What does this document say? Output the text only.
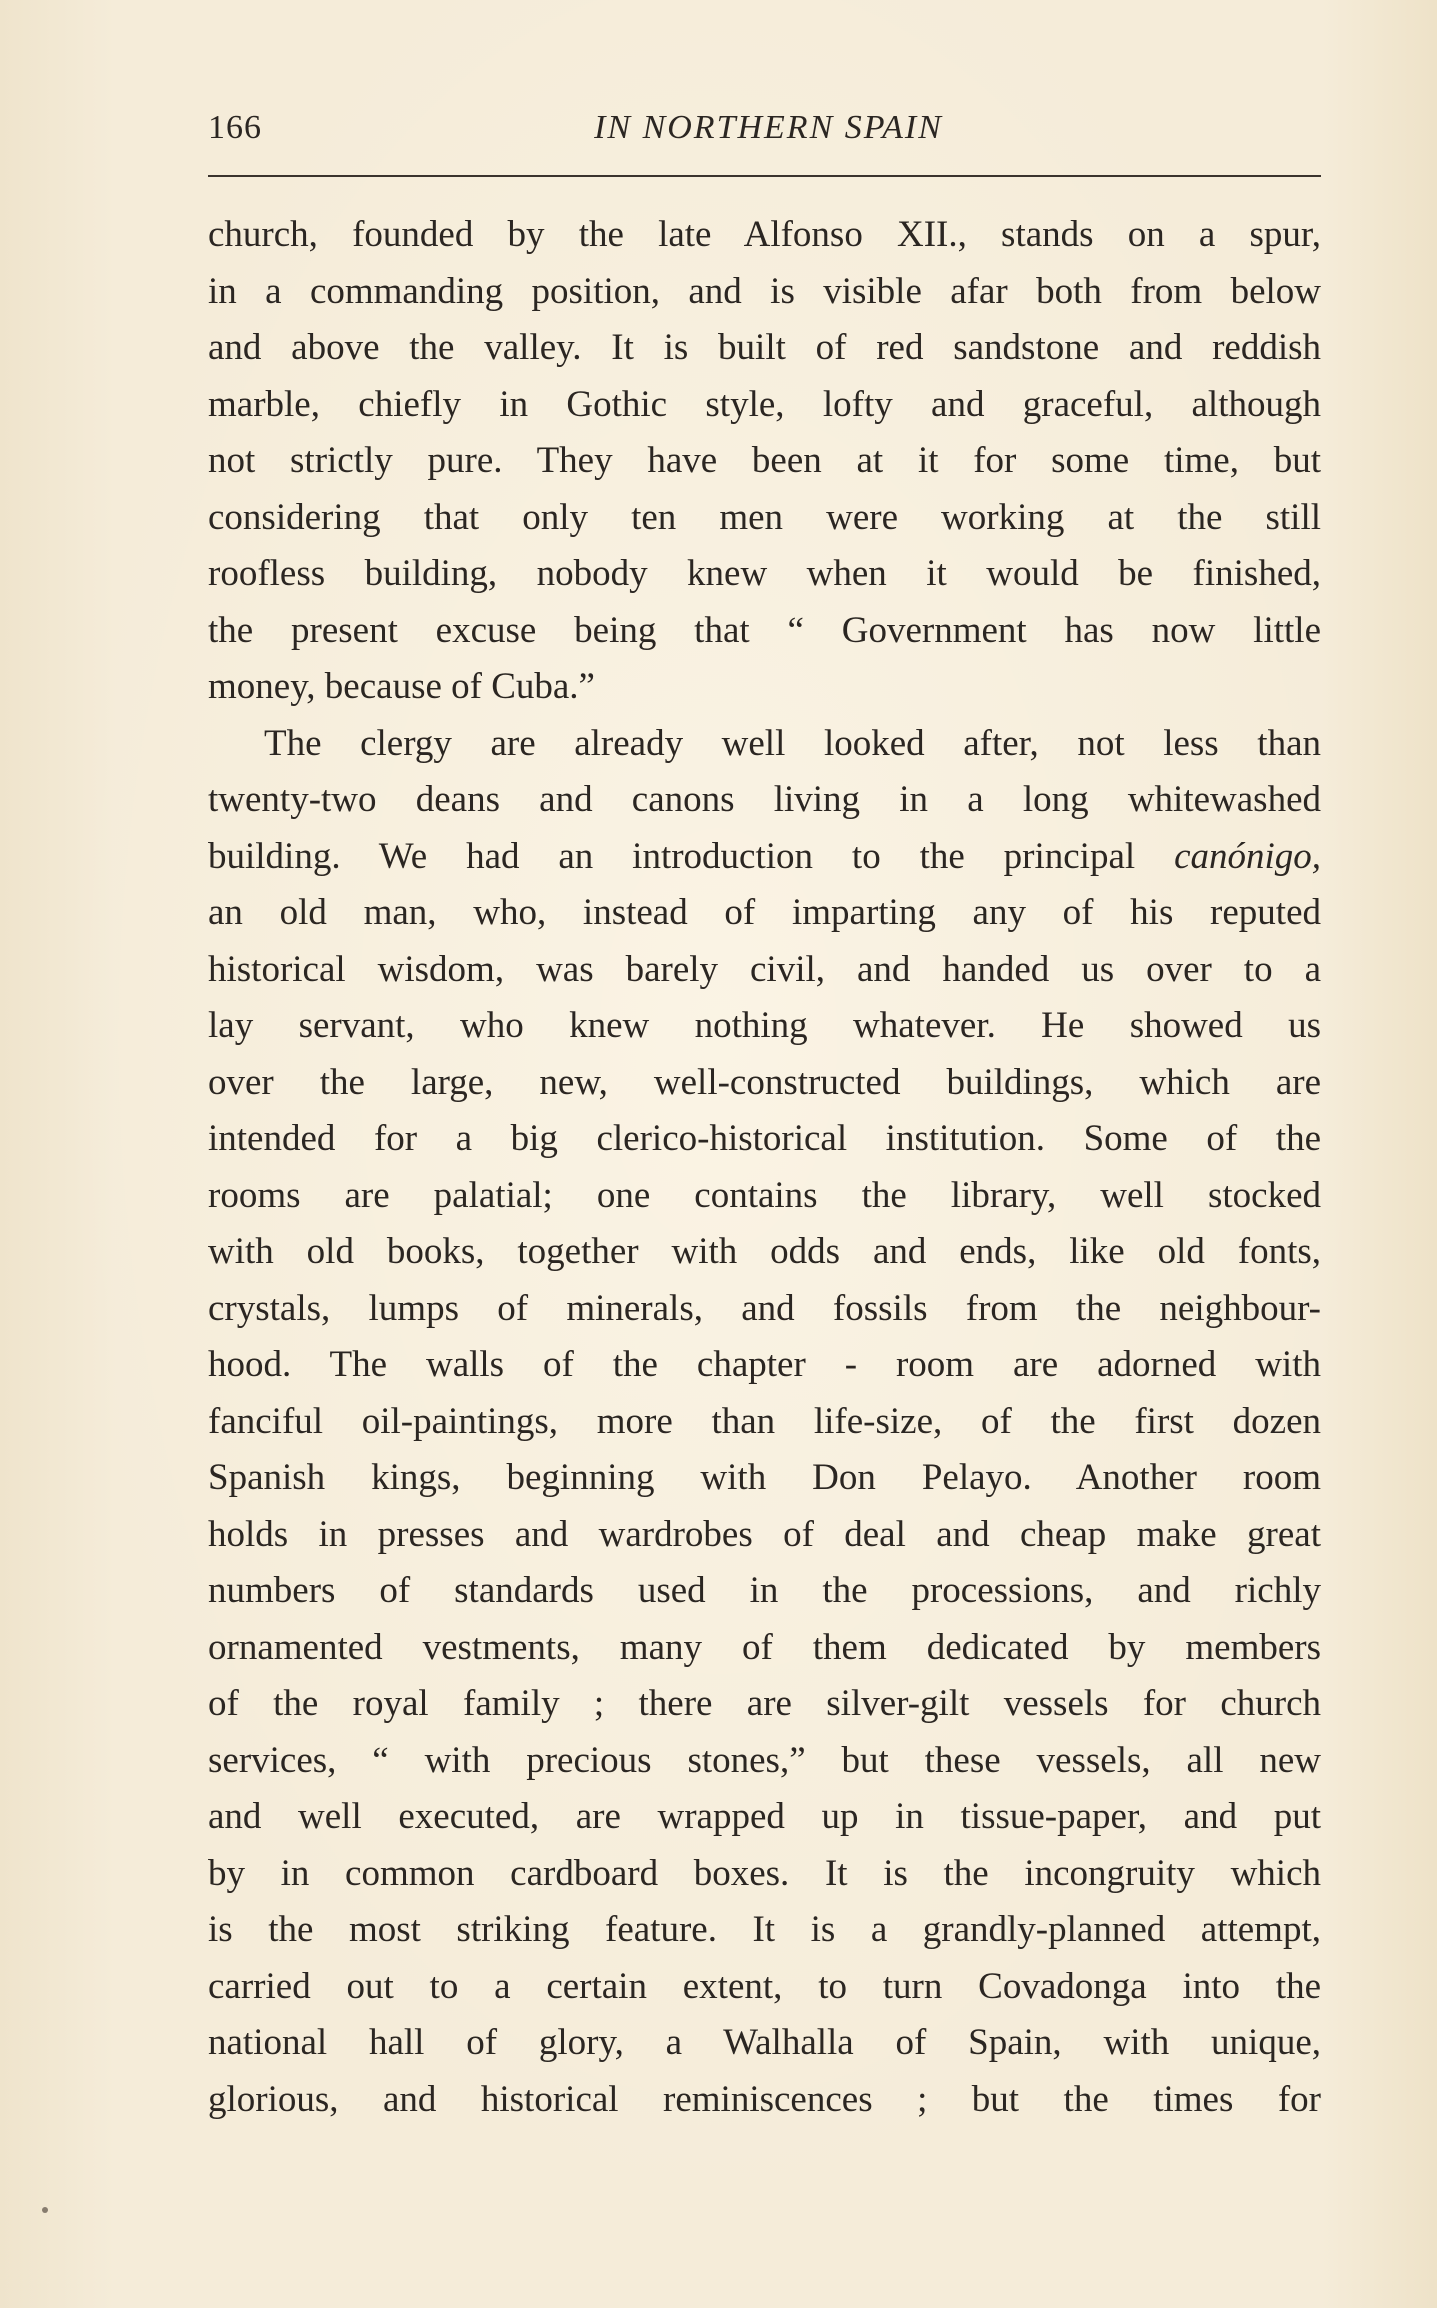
166	IN NORTHERN SPAIN
church, founded by the late Alfonso XII., stands on a spur,
in a commanding position, and is visible afar both from below
and above the valley. It is built of red sandstone and reddish
marble, chiefly in Gothic style, lofty and graceful, although
not strictly pure. They have been at it for some time, but
considering that only ten men were working at the still
roofless building, nobody knew when it would be finished,
the present excuse being that “ Government has now little
money, because of Cuba.”
The clergy are already well looked after, not less than
twenty-two deans and canons living in a long whitewashed
building. We had an introduction to the principal canónigo,
an old man, who, instead of imparting any of his reputed
historical wisdom, was barely civil, and handed us over to a
lay servant, who knew nothing whatever. He showed us
over the large, new, well-constructed buildings, which are
intended for a big clerico-historical institution. Some of the
rooms are palatial; one contains the library, well stocked
with old books, together with odds and ends, like old fonts,
crystals, lumps of minerals, and fossils from the neighbour-
hood. The walls of the chapter - room are adorned with
fanciful oil-paintings, more than life-size, of the first dozen
Spanish kings, beginning with Don Pelayo. Another room
holds in presses and wardrobes of deal and cheap make great
numbers of standards used in the processions, and richly
ornamented vestments, many of them dedicated by members
of the royal family ; there are silver-gilt vessels for church
services, “ with precious stones,” but these vessels, all new
and well executed, are wrapped up in tissue-paper, and put
by in common cardboard boxes. It is the incongruity which
is the most striking feature. It is a grandly-planned attempt,
carried out to a certain extent, to turn Covadonga into the
national hall of glory, a Walhalla of Spain, with unique,
glorious, and historical reminiscences ; but the times for
